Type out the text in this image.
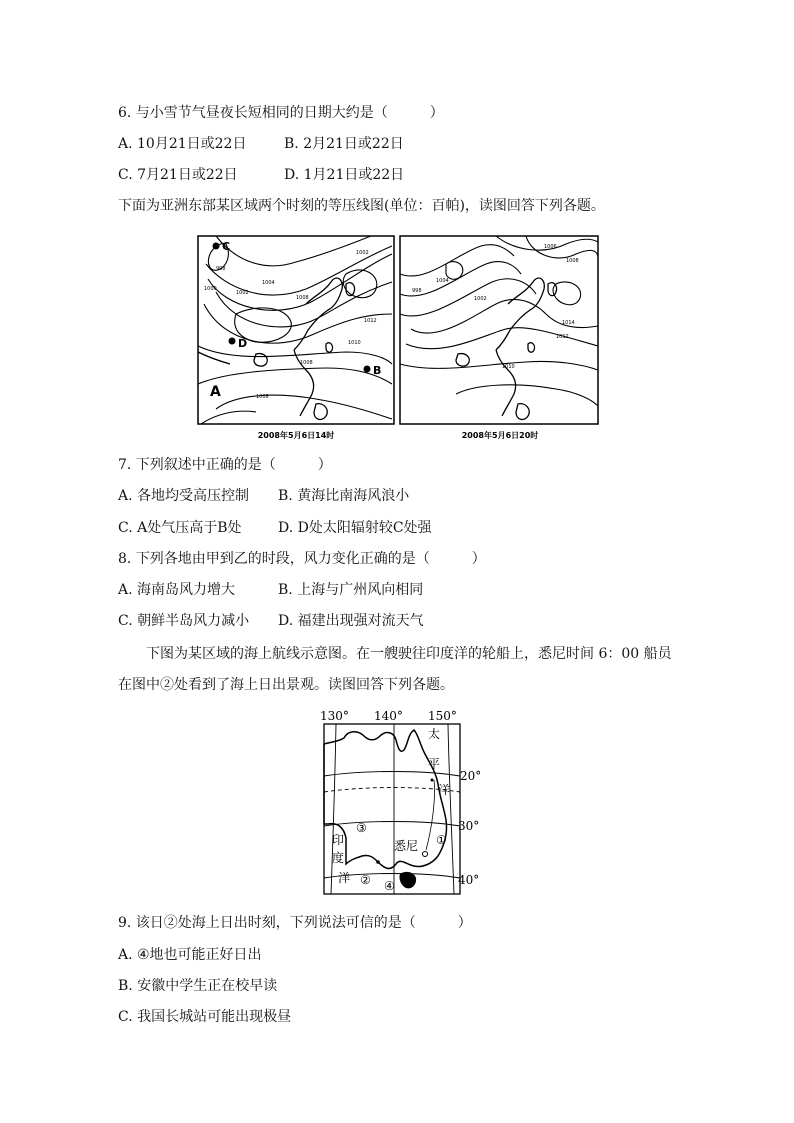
6. 与小雪节气昼夜长短相同的日期大约是（　　　）
A. 10月21日或22日	B. 2月21日或22日
C. 7月21日或22日	D. 1月21日或22日
下面为亚洲东部某区域两个时刻的等压线图(单位：百帕)，读图回答下列各题。
C
D
B
A
1002
998
1000
1002
1004
1008
1010
1012
1008
1008
1006
1008
1004
998
1002
1014
1012
1010
2008年5月6日14时	2008年5月6日20时
7. 下列叙述中正确的是（　　　）
A. 各地均受高压控制 B. 黄海比南海风浪小
C. A处气压高于B处	D. D处太阳辐射较C处强
8. 下列各地由甲到乙的时段，风力变化正确的是（　　　）
A. 海南岛风力增大	B. 上海与广州风向相同
C. 朝鲜半岛风力减小 D. 福建出现强对流天气
下图为某区域的海上航线示意图。在一艘驶往印度洋的轮船上，悉尼时间 6：00 船员
在图中②处看到了海上日出景观。读图回答下列各题。
130° 140° 150°
20°
30°
40°
太
平
洋
印
度
洋
悉尼 ①
②
③
④
9. 该日②处海上日出时刻，下列说法可信的是（　　　）
A. ④地也可能正好日出
B. 安徽中学生正在校早读
C. 我国长城站可能出现极昼
